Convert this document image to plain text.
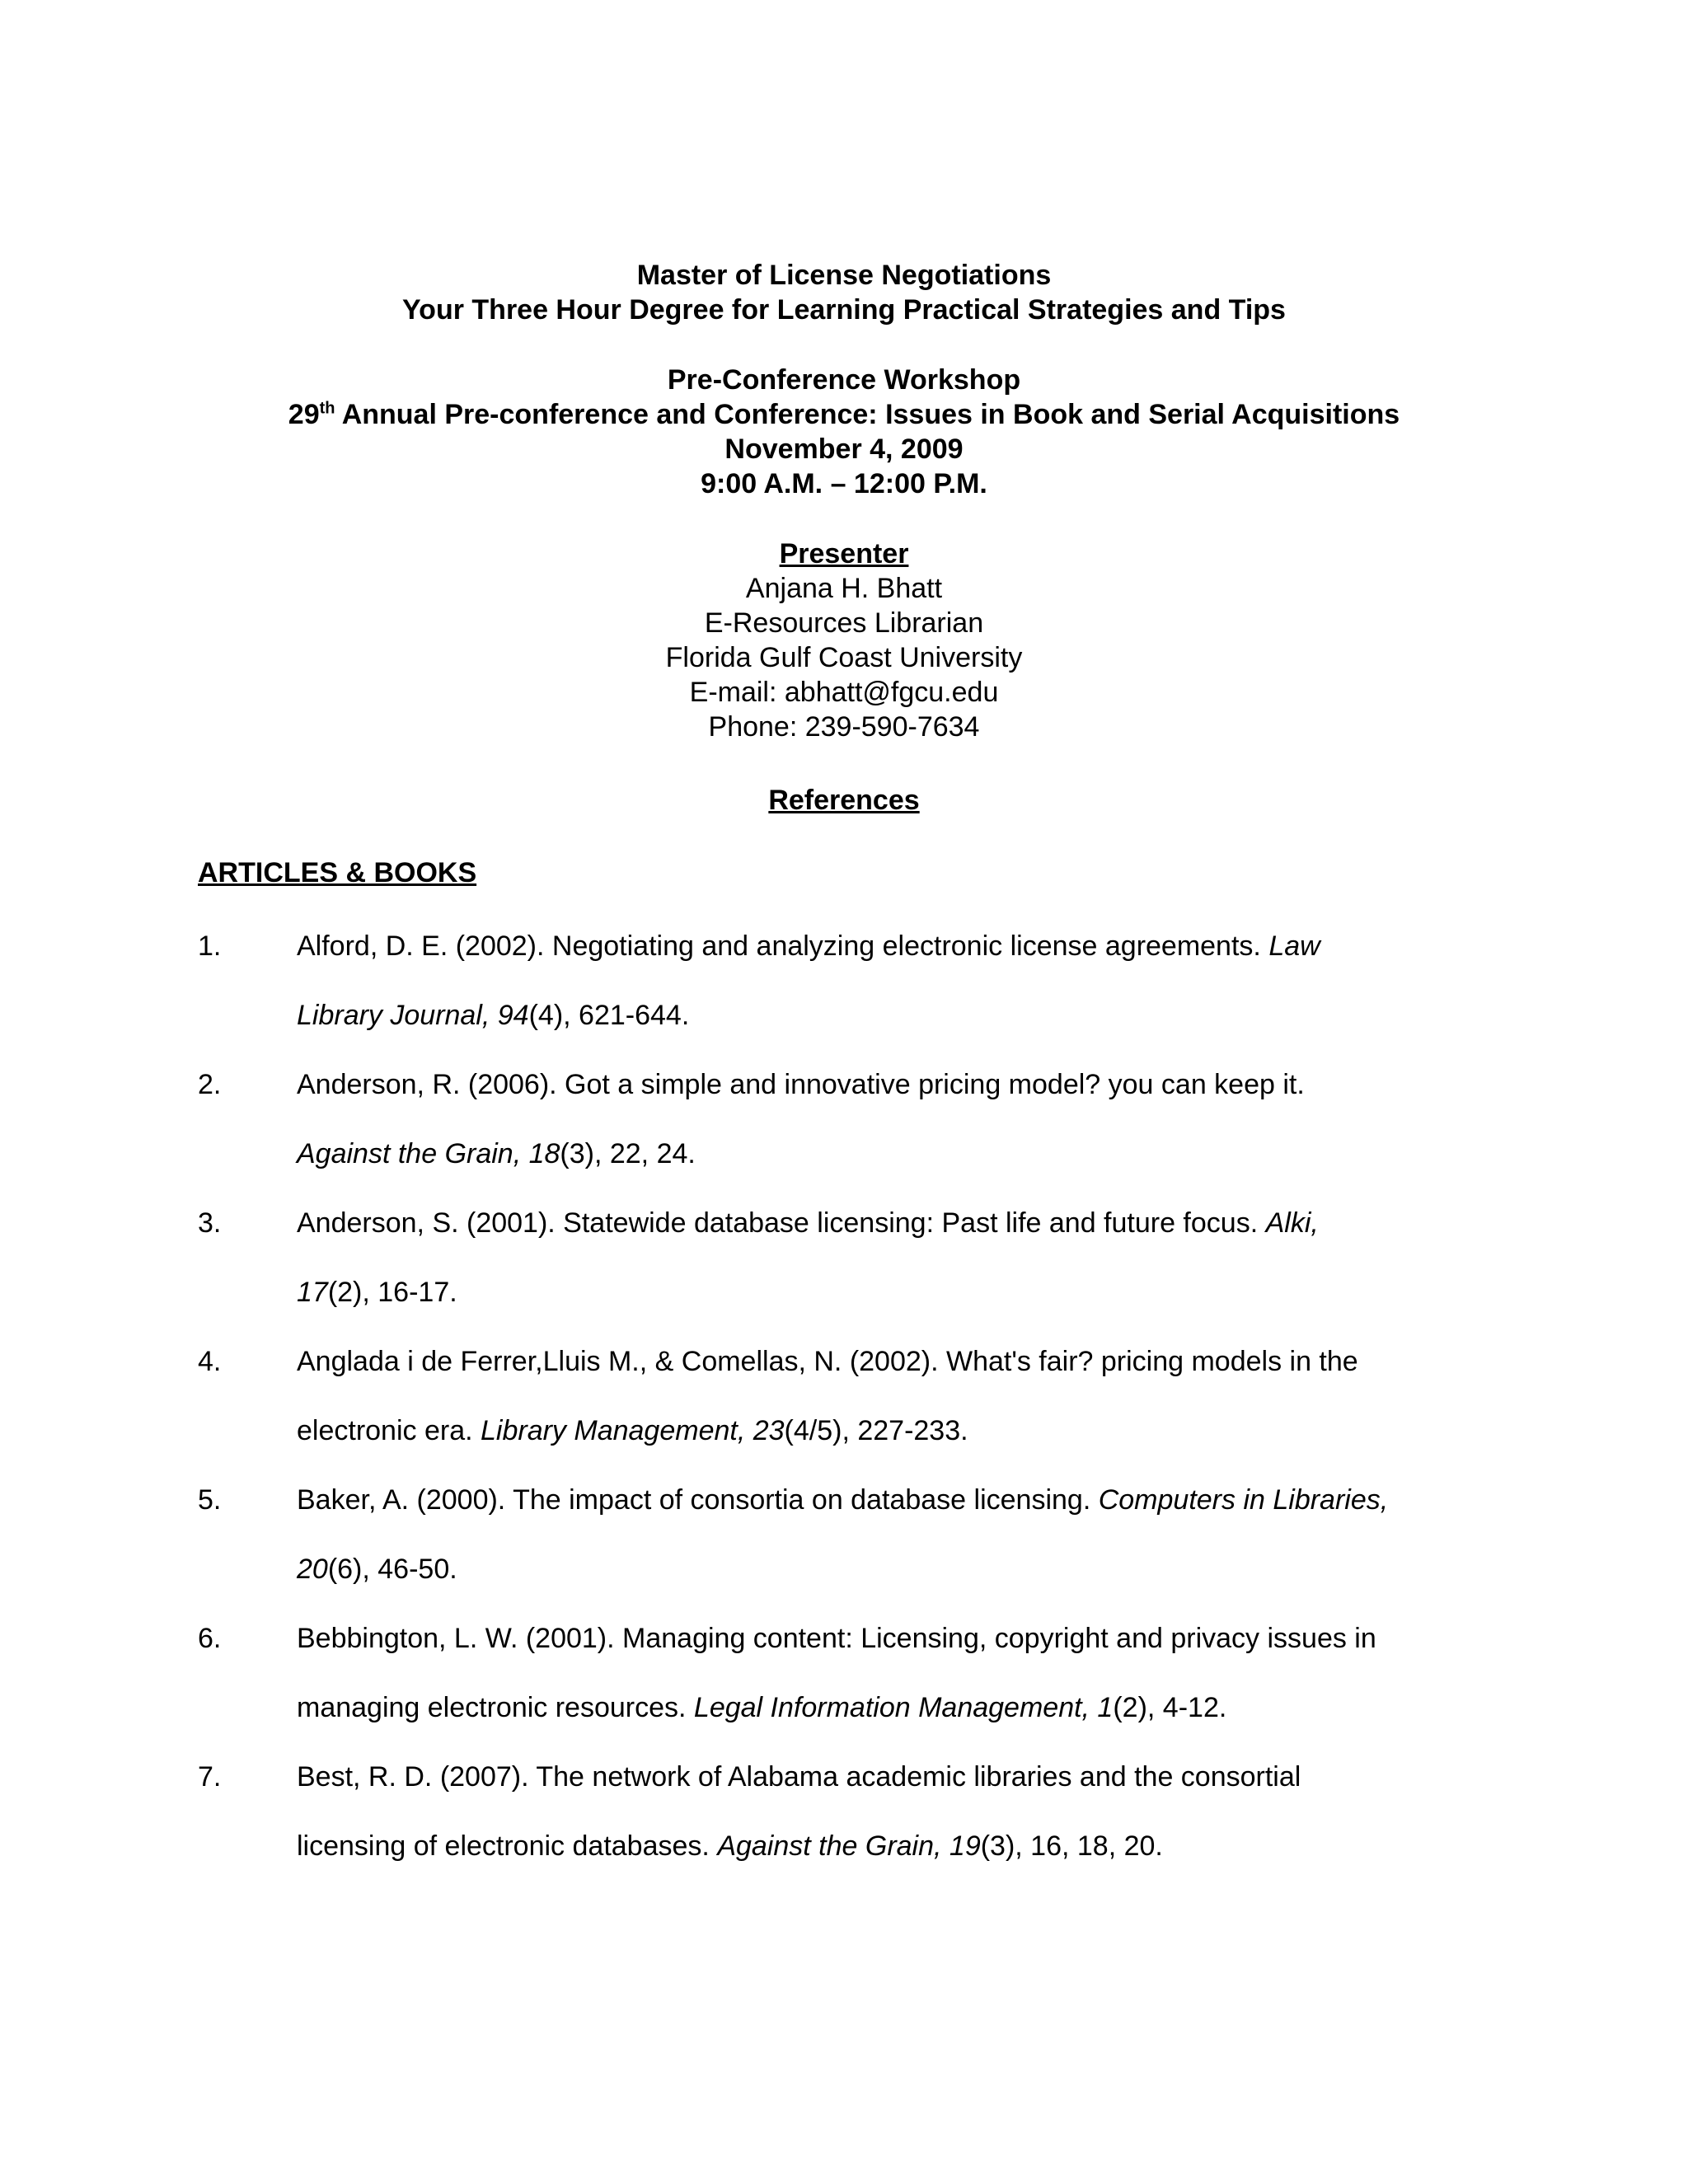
Master of License Negotiations
Your Three Hour Degree for Learning Practical Strategies and Tips
Pre-Conference Workshop
29th Annual Pre-conference and Conference: Issues in Book and Serial Acquisitions
November 4, 2009
9:00 A.M. – 12:00 P.M.
Presenter
Anjana H. Bhatt
E-Resources Librarian
Florida Gulf Coast University
E-mail: abhatt@fgcu.edu
Phone: 239-590-7634
References
ARTICLES & BOOKS
1.	Alford, D. E. (2002). Negotiating and analyzing electronic license agreements. Law
Library Journal, 94(4), 621-644.
2.	Anderson, R. (2006). Got a simple and innovative pricing model? you can keep it.
Against the Grain, 18(3), 22, 24.
3.	Anderson, S. (2001). Statewide database licensing: Past life and future focus. Alki,
17(2), 16-17.
4.	Anglada i de Ferrer,Lluis M., & Comellas, N. (2002). What's fair? pricing models in the
electronic era. Library Management, 23(4/5), 227-233.
5.	Baker, A. (2000). The impact of consortia on database licensing. Computers in Libraries,
20(6), 46-50.
6.	Bebbington, L. W. (2001). Managing content: Licensing, copyright and privacy issues in
managing electronic resources. Legal Information Management, 1(2), 4-12.
7.	Best, R. D. (2007). The network of Alabama academic libraries and the consortial
licensing of electronic databases. Against the Grain, 19(3), 16, 18, 20.
